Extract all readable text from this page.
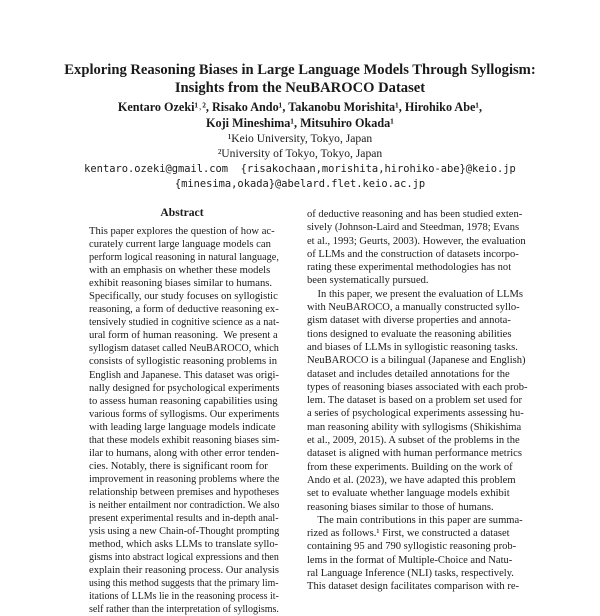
Exploring Reasoning Biases in Large Language Models Through Syllogism:
Insights from the NeuBAROCO Dataset
Kentaro Ozeki¹˒², Risako Ando¹, Takanobu Morishita¹, Hirohiko Abe¹,
Koji Mineshima¹, Mitsuhiro Okada¹
¹Keio University, Tokyo, Japan
²University of Tokyo, Tokyo, Japan
kentaro.ozeki@gmail.com  {risakochaan,morishita,hirohiko-abe}@keio.jp
{minesima,okada}@abelard.flet.keio.ac.jp
Abstract
This paper explores the question of how ac-
curately current large language models can
perform logical reasoning in natural language,
with an emphasis on whether these models
exhibit reasoning biases similar to humans.
Specifically, our study focuses on syllogistic
reasoning, a form of deductive reasoning ex-
tensively studied in cognitive science as a nat-
ural form of human reasoning.  We present a
syllogism dataset called NeuBAROCO, which
consists of syllogistic reasoning problems in
English and Japanese. This dataset was origi-
nally designed for psychological experiments
to assess human reasoning capabilities using
various forms of syllogisms. Our experiments
with leading large language models indicate
that these models exhibit reasoning biases sim-
ilar to humans, along with other error tenden-
cies. Notably, there is significant room for
improvement in reasoning problems where the
relationship between premises and hypotheses
is neither entailment nor contradiction. We also
present experimental results and in-depth anal-
ysis using a new Chain-of-Thought prompting
method, which asks LLMs to translate syllo-
gisms into abstract logical expressions and then
explain their reasoning process. Our analysis
using this method suggests that the primary lim-
itations of LLMs lie in the reasoning process it-
self rather than the interpretation of syllogisms.
of deductive reasoning and has been studied exten-
sively (Johnson-Laird and Steedman, 1978; Evans
et al., 1993; Geurts, 2003). However, the evaluation
of LLMs and the construction of datasets incorpo-
rating these experimental methodologies has not
been systematically pursued.
In this paper, we present the evaluation of LLMs
with NeuBAROCO, a manually constructed syllo-
gism dataset with diverse properties and annota-
tions designed to evaluate the reasoning abilities
and biases of LLMs in syllogistic reasoning tasks.
NeuBAROCO is a bilingual (Japanese and English)
dataset and includes detailed annotations for the
types of reasoning biases associated with each prob-
lem. The dataset is based on a problem set used for
a series of psychological experiments assessing hu-
man reasoning ability with syllogisms (Shikishima
et al., 2009, 2015). A subset of the problems in the
dataset is aligned with human performance metrics
from these experiments. Building on the work of
Ando et al. (2023), we have adapted this problem
set to evaluate whether language models exhibit
reasoning biases similar to those of humans.
The main contributions in this paper are summa-
rized as follows.¹ First, we constructed a dataset
containing 95 and 790 syllogistic reasoning prob-
lems in the format of Multiple-Choice and Natu-
ral Language Inference (NLI) tasks, respectively.
This dataset design facilitates comparison with re-
